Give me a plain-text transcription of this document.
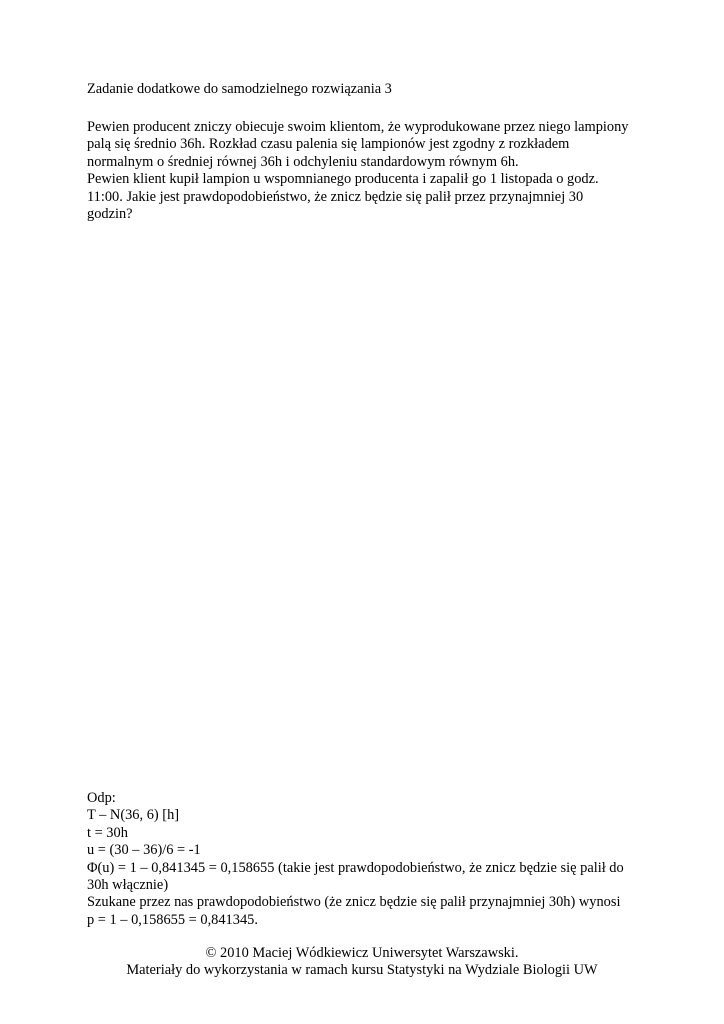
Zadanie dodatkowe do samodzielnego rozwiązania 3
Pewien producent zniczy obiecuje swoim klientom, że wyprodukowane przez niego lampiony
palą się średnio 36h. Rozkład czasu palenia się lampionów jest zgodny z rozkładem
normalnym o średniej równej 36h i odchyleniu standardowym równym 6h.
Pewien klient kupił lampion u wspomnianego producenta i zapalił go 1 listopada o godz.
11:00. Jakie jest prawdopodobieństwo, że znicz będzie się palił przez przynajmniej 30
godzin?
Odp:
T – N(36, 6) [h]
t = 30h
u = (30 – 36)/6 = -1
Φ(u) = 1 – 0,841345 = 0,158655 (takie jest prawdopodobieństwo, że znicz będzie się palił do
30h włącznie)
Szukane przez nas prawdopodobieństwo (że znicz będzie się palił przynajmniej 30h) wynosi
p = 1 – 0,158655 = 0,841345.
© 2010 Maciej Wódkiewicz Uniwersytet Warszawski.
Materiały do wykorzystania w ramach kursu Statystyki na Wydziale Biologii UW
